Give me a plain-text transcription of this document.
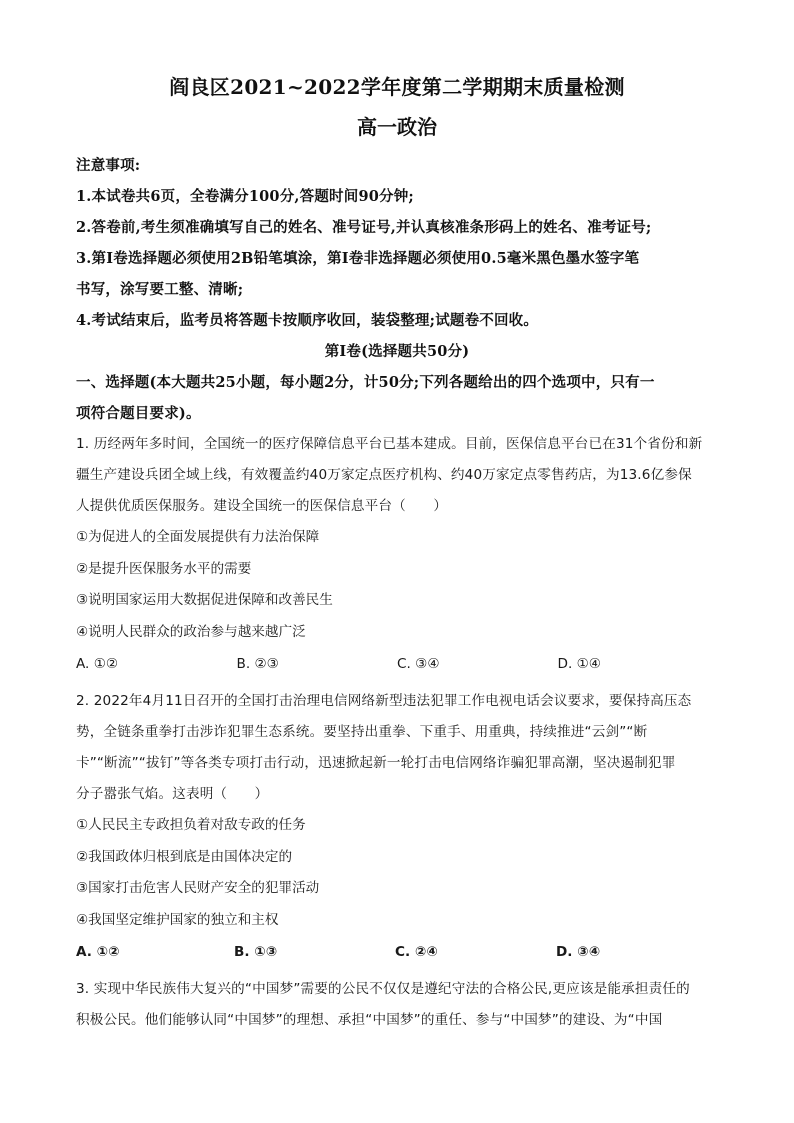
阎良区2021~2022学年度第二学期期末质量检测
高一政治

注意事项:

1.本试卷共6页，全卷满分100分,答题时间90分钟;

2.答卷前,考生须准确填写自己的姓名、准号证号,并认真核准条形码上的姓名、准考证号;

3.第Ⅰ卷选择题必须使用2B铅笔填涂，第Ⅰ卷非选择题必须使用0.5毫米黑色墨水签字笔

书写，涂写要工整、清晰;

4.考试结束后，监考员将答题卡按顺序收回，装袋整理;试题卷不回收。

第Ⅰ卷(选择题共50分)

一、选择题(本大题共25小题，每小题2分，计50分;下列各题给出的四个选项中，只有一

项符合题目要求)。

1. 历经两年多时间，全国统一的医疗保障信息平台已基本建成。目前，医保信息平台已在31个省份和新

疆生产建设兵团全域上线，有效覆盖约40万家定点医疗机构、约40万家定点零售药店，为13.6亿参保

人提供优质医保服务。建设全国统一的医保信息平台（　　）

①为促进人的全面发展提供有力法治保障

②是提升医保服务水平的需要

③说明国家运用大数据促进保障和改善民生

④说明人民群众的政治参与越来越广泛

A. ①②	B. ②③	C. ③④	D. ①④

2. 2022年4月11日召开的全国打击治理电信网络新型违法犯罪工作电视电话会议要求，要保持高压态

势，全链条重拳打击涉诈犯罪生态系统。要坚持出重拳、下重手、用重典，持续推进“云剑”“断

卡”“断流”“拔钉”等各类专项打击行动，迅速掀起新一轮打击电信网络诈骗犯罪高潮，坚决遏制犯罪

分子嚣张气焰。这表明（　　）

①人民民主专政担负着对敌专政的任务

②我国政体归根到底是由国体决定的

③国家打击危害人民财产安全的犯罪活动

④我国坚定维护国家的独立和主权

A. ①②	B. ①③	C. ②④	D. ③④

3. 实现中华民族伟大复兴的“中国梦”需要的公民不仅仅是遵纪守法的合格公民,更应该是能承担责任的

积极公民。他们能够认同“中国梦”的理想、承担“中国梦”的重任、参与“中国梦”的建设、为“中国
